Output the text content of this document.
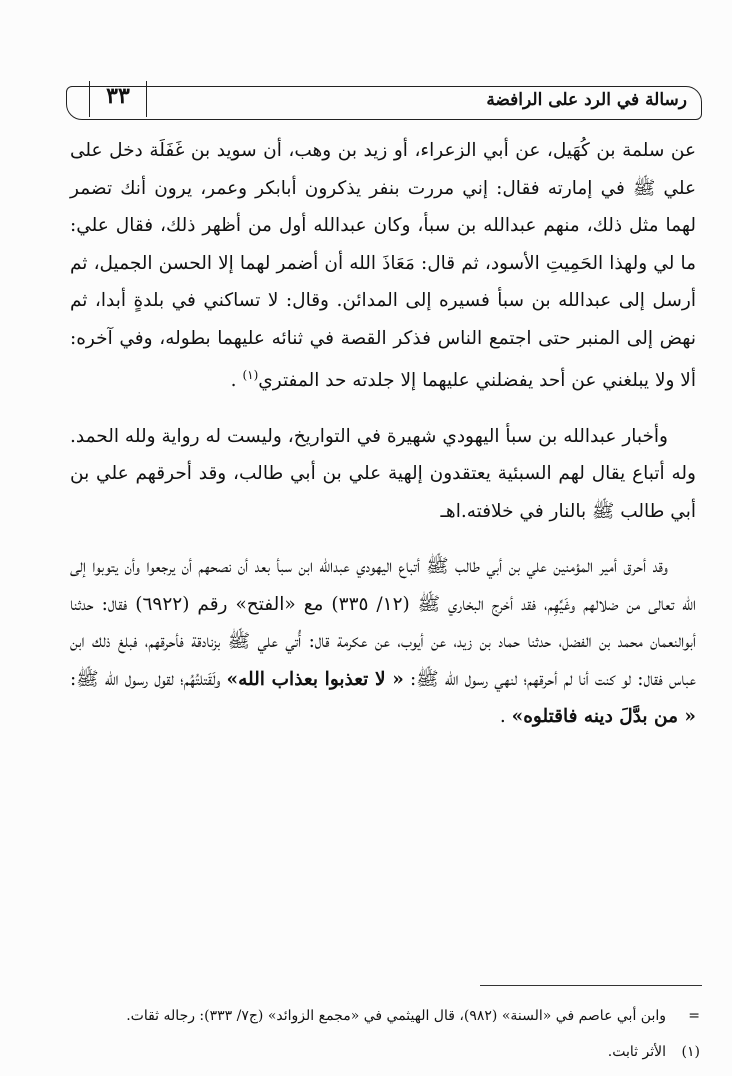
رسالة في الرد على الرافضة
٣٣

عن سلمة بن كُهَيل، عن أبي الزعراء، أو زيد بن وهب، أن سويد بن غَفَلَة دخل على علي ﷺ في إمارته فقال: إني مررت بنفر يذكرون أبابكر وعمر، يرون أنك تضمر لهما مثل ذلك، منهم عبدالله بن سبأ، وكان عبدالله أول من أظهر ذلك، فقال علي: ما لي ولهذا الحَمِيتِ الأسود، ثم قال: مَعَاذَ الله أن أضمر لهما إلا الحسن الجميل، ثم أرسل إلى عبدالله بن سبأ فسيره إلى المدائن. وقال: لا تساكني في بلدةٍ أبدا، ثم نهض إلى المنبر حتى اجتمع الناس فذكر القصة في ثنائه عليهما بطوله، وفي آخره: ألا ولا يبلغني عن أحد يفضلني عليهما إلا جلدته حد المفتري$^{(١)}$ .

وأخبار عبدالله بن سبأ اليهودي شهيرة في التواريخ، وليست له رواية ولله الحمد. وله أتباع يقال لهم السبئية يعتقدون إلهية علي بن أبي طالب، وقد أحرقهم علي بن أبي طالب ﷺ بالنار في خلافته.اهـ

وقد أحرق أمير المؤمنين علي بن أبي طالب ﷺ أتباع اليهودي عبدالله ابن سبأ بعد أن نصحهم أن يرجعوا وأن يتوبوا إلى الله تعالى من ضلالهم وغَيِّهِم، فقد أخرج البخاري ﷺ (١٢/ ٣٣٥) مع «الفتح» رقم (٦٩٢٢) فقال: حدثنا أبوالنعمان محمد بن الفضل، حدثنا حماد بن زيد، عن أيوب، عن عكرمة قال: أُتي علي ﷺ بزنادقة فأحرقهم، فبلغ ذلك ابن عباس فقال: لو كنت أنا لم أحرقهم؛ لنهي رسول الله ﷺ: « لا تعذبوا بعذاب الله» ولَقَتلتُهُم؛ لقول رسول الله ﷺ: « من بدَّلَ دينه فاقتلوه» .

=وابن أبي عاصم في «السنة» (٩٨٢)، قال الهيثمي في «مجمع الزوائد» (ج٧/ ٣٣٣): رجاله ثقات.

(١)الأثر ثابت.
